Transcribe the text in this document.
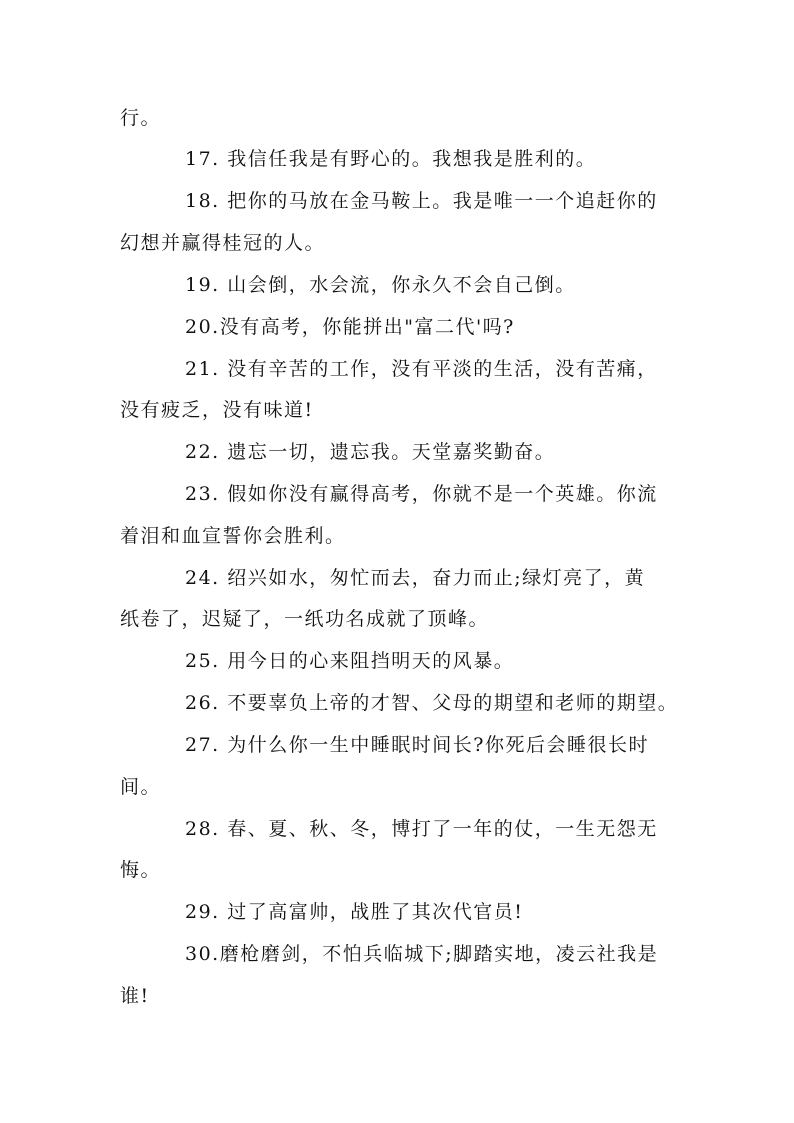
行。
17. 我信任我是有野心的。我想我是胜利的。
18. 把你的马放在金马鞍上。我是唯一一个追赶你的
幻想并赢得桂冠的人。
19. 山会倒，水会流，你永久不会自己倒。
20.没有高考，你能拼出"富二代'吗?
21. 没有辛苦的工作，没有平淡的生活，没有苦痛，
没有疲乏，没有味道!
22. 遗忘一切，遗忘我。天堂嘉奖勤奋。
23. 假如你没有赢得高考，你就不是一个英雄。你流
着泪和血宣誓你会胜利。
24. 绍兴如水，匆忙而去，奋力而止;绿灯亮了，黄
纸卷了，迟疑了，一纸功名成就了顶峰。
25. 用今日的心来阻挡明天的风暴。
26. 不要辜负上帝的才智、父母的期望和老师的期望。
27. 为什么你一生中睡眠时间长?你死后会睡很长时
间。
28. 春、夏、秋、冬，博打了一年的仗，一生无怨无
悔。
29. 过了高富帅，战胜了其次代官员!
30.磨枪磨剑，不怕兵临城下;脚踏实地，凌云社我是
谁!
